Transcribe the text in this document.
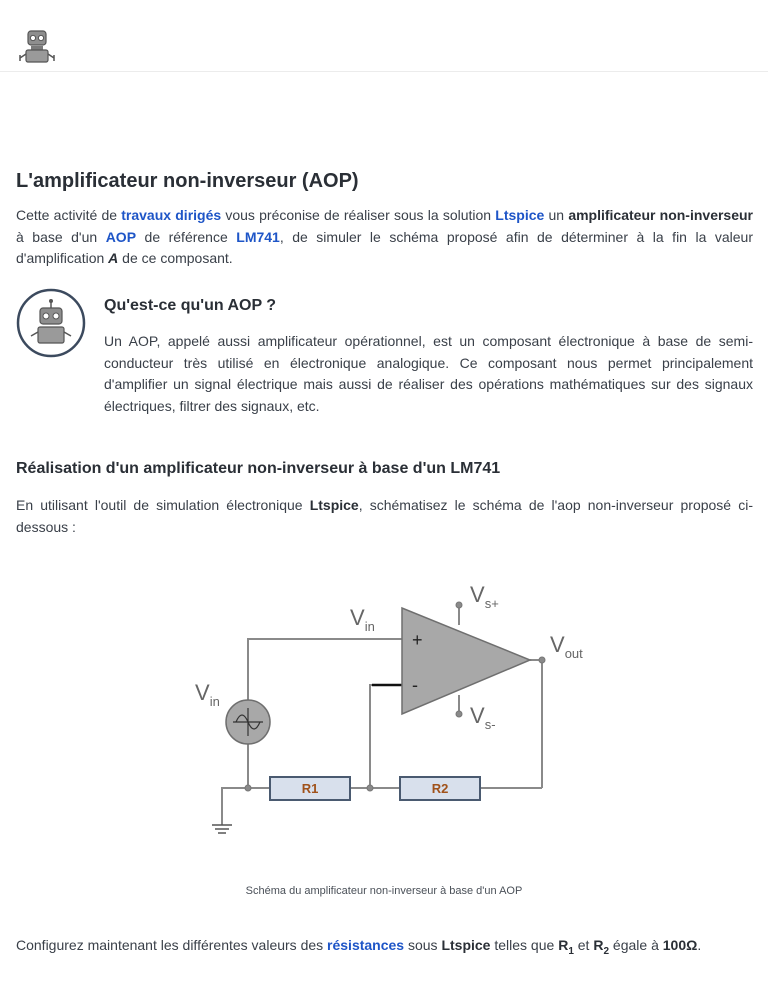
L'amplificateur non-inverseur (AOP)

Cette activité de travaux dirigés vous préconise de réaliser sous la solution Ltspice un amplificateur non-inverseur à base d'un AOP de référence LM741, de simuler le schéma proposé afin de déterminer à la fin la valeur d'amplification A de ce composant.

Qu'est-ce qu'un AOP ?

Un AOP, appelé aussi amplificateur opérationnel, est un composant électronique à base de semi-conducteur très utilisé en électronique analogique. Ce composant nous permet principalement d'amplifier un signal électrique mais aussi de réaliser des opérations mathématiques sur des signaux électriques, filtrer des signaux, etc.

Réalisation d'un amplificateur non-inverseur à base d'un LM741

En utilisant l'outil de simulation électronique Ltspice, schématisez le schéma de l'aop non-inverseur proposé ci-dessous :

+
-
R1	R2
$V_{in}$
$V_{in}$
$V_{out}$
$V_{s+}$
$V_{s-}$
Schéma du amplificateur non-inverseur à base d'un AOP

Configurez maintenant les différentes valeurs des résistances sous Ltspice telles que $R_1$ et $R_2$ égale à 100Ω.
